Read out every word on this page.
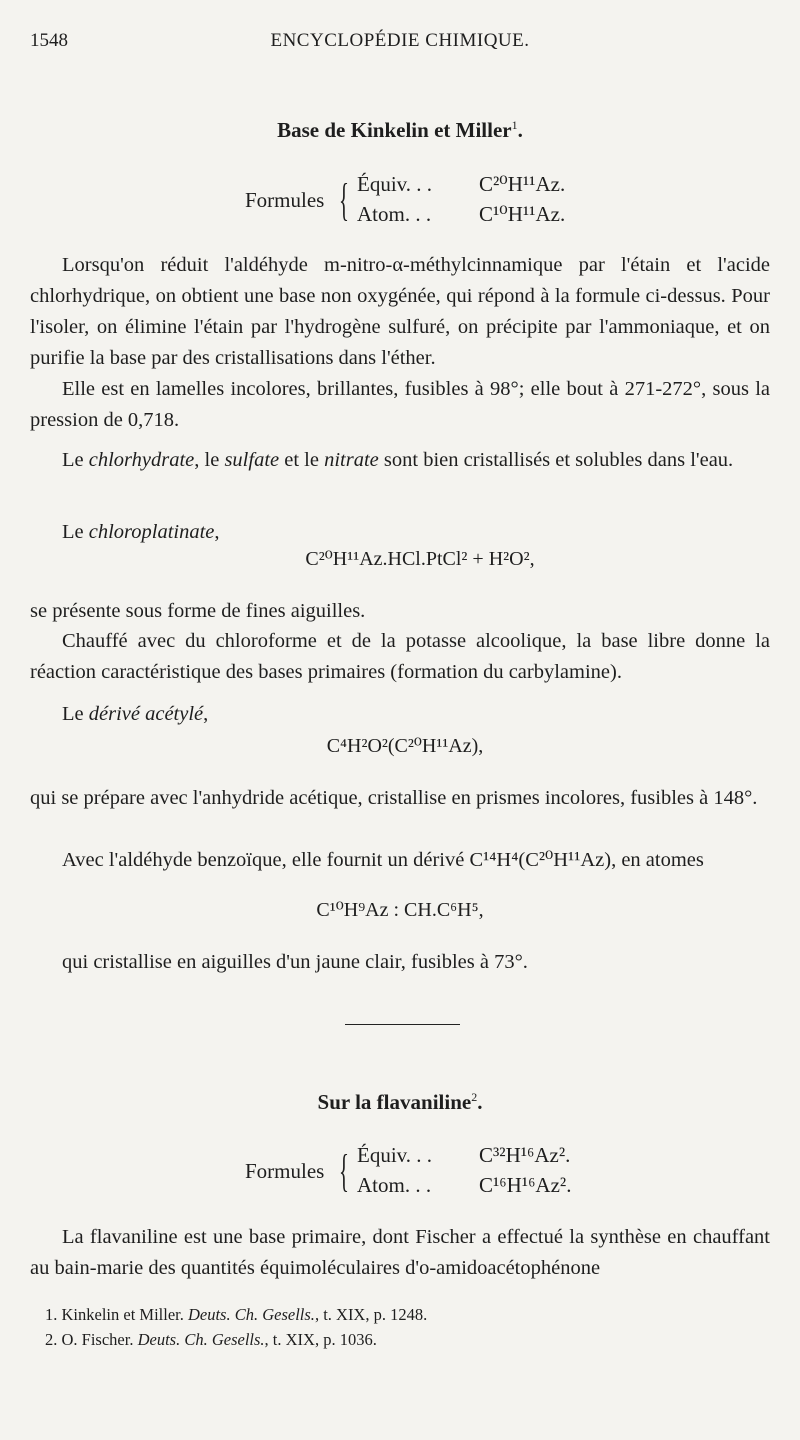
1548	ENCYCLOPÉDIE CHIMIQUE.
Base de Kinkelin et Miller$^1$.
Formules { Équiv. . . C²⁰H¹¹Az.
Atom. . . C¹⁰H¹¹Az.

Lorsqu'on réduit l'aldéhyde m-nitro-α-méthylcinnamique par l'étain et l'acide chlorhydrique, on obtient une base non oxygénée, qui répond à la formule ci-dessus. Pour l'isoler, on élimine l'étain par l'hydrogène sulfuré, on précipite par l'ammoniaque, et on purifie la base par des cristallisations dans l'éther.

Elle est en lamelles incolores, brillantes, fusibles à 98°; elle bout à 271-272°, sous la pression de 0,718.

Le chlorhydrate, le sulfate et le nitrate sont bien cristallisés et solubles dans l'eau.

Le chloroplatinate,

C²⁰H¹¹Az.HCl.PtCl² + H²O²,

se présente sous forme de fines aiguilles.

Chauffé avec du chloroforme et de la potasse alcoolique, la base libre donne la réaction caractéristique des bases primaires (formation du carbylamine).

Le dérivé acétylé,

C⁴H²O²(C²⁰H¹¹Az),

qui se prépare avec l'anhydride acétique, cristallise en prismes incolores, fusibles à 148°.

Avec l'aldéhyde benzoïque, elle fournit un dérivé C¹⁴H⁴(C²⁰H¹¹Az), en atomes

C¹⁰H⁹Az : CH.C⁶H⁵,

qui cristallise en aiguilles d'un jaune clair, fusibles à 73°.

Sur la flavaniline$^2$.
Formules { Équiv. . . C³²H¹⁶Az².
Atom. . . C¹⁶H¹⁶Az².

La flavaniline est une base primaire, dont Fischer a effectué la synthèse en chauffant au bain-marie des quantités équimoléculaires d'o-amidoacétophénone

1. Kinkelin et Miller. Deuts. Ch. Gesells., t. XIX, p. 1248.
2. O. Fischer. Deuts. Ch. Gesells., t. XIX, p. 1036.
